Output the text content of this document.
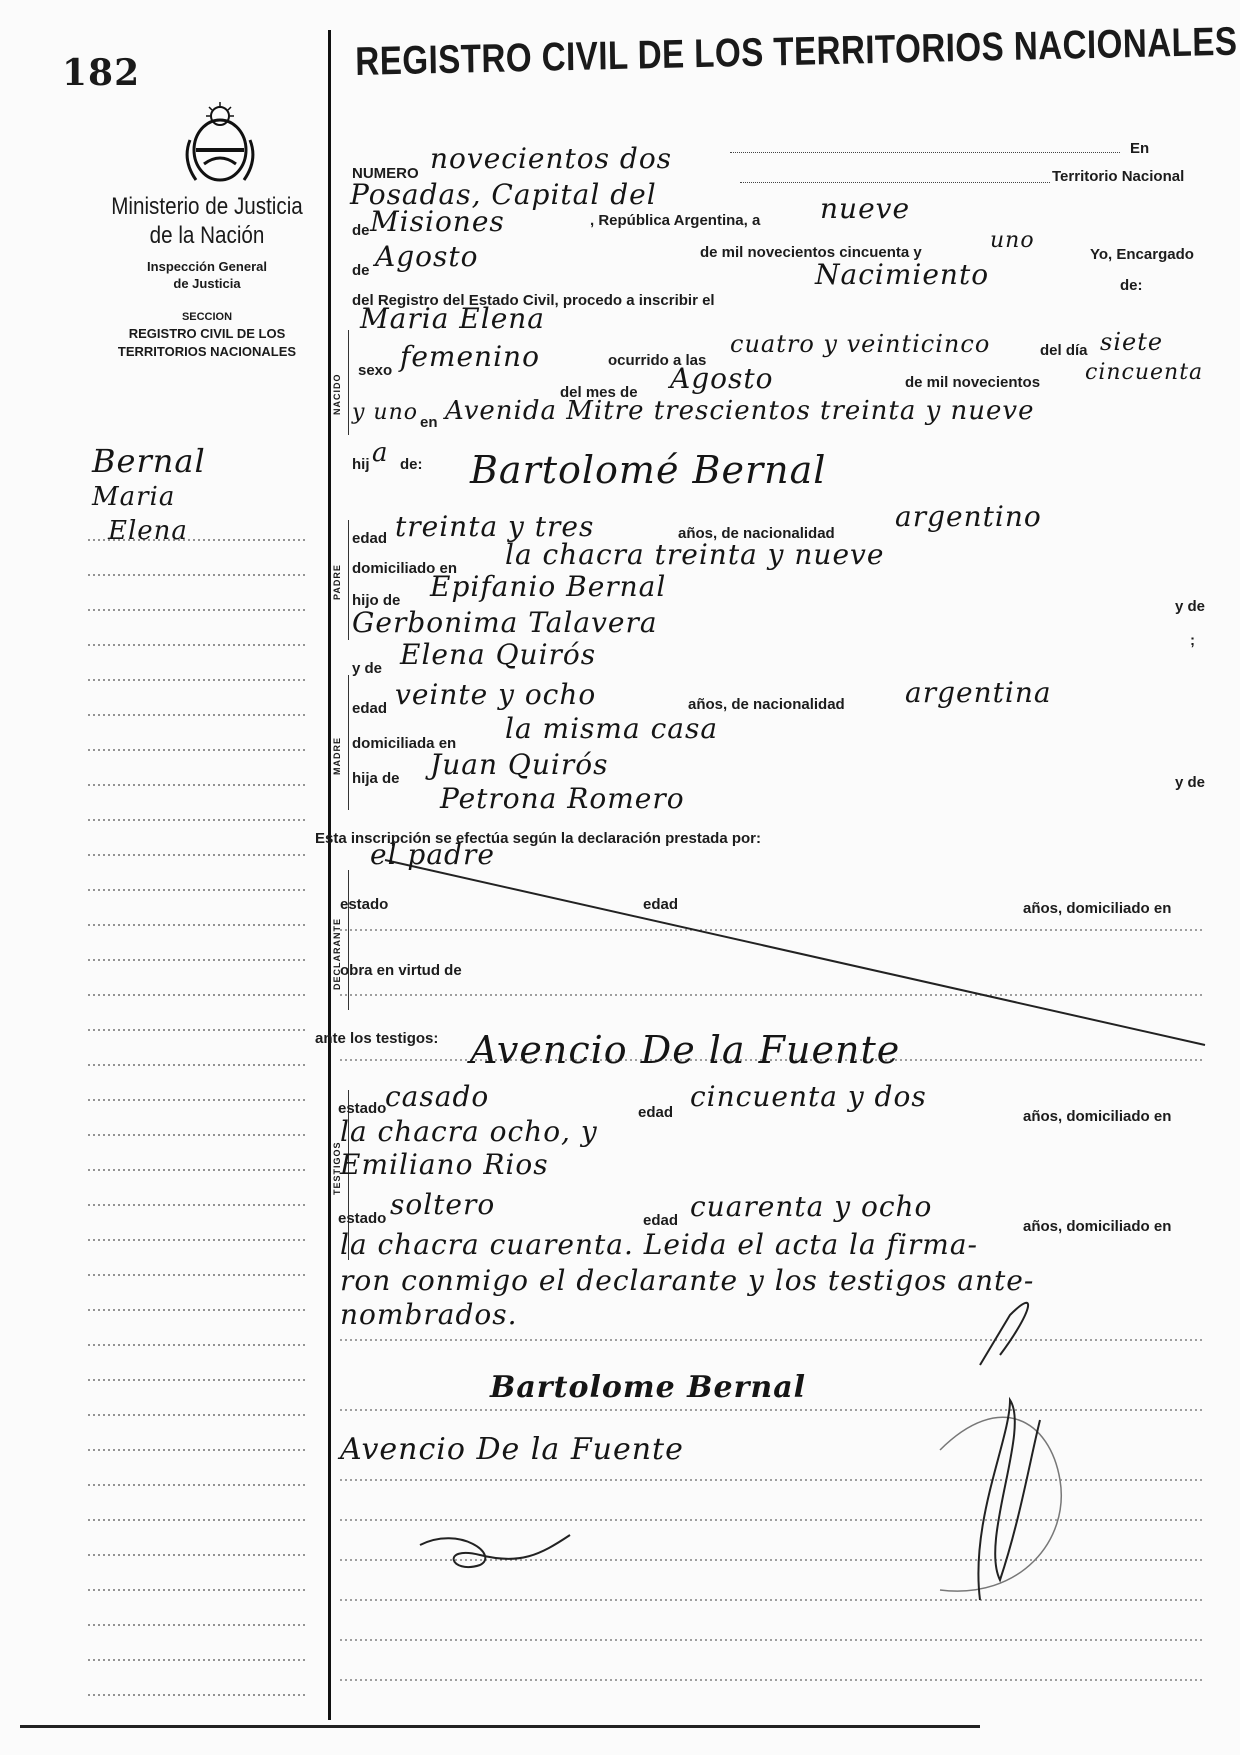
182
Ministerio de Justicia
de la Nación
Inspección General
de Justicia
SECCION
REGISTRO CIVIL DE LOS
TERRITORIOS NACIONALES
Bernal
Maria
Elena
REGISTRO CIVIL DE LOS TERRITORIOS NACIONALES
NACIDO
PADRE
MADRE
DECLARANTE
TESTIGOS
NUMERO novecientos dos	En
Posadas, Capital del
Territorio Nacional
de Misiones	, República Argentina, a nueve
de Agosto	de mil novecientos cincuenta y	uno
Yo, Encargado
del Registro del Estado Civil, procedo a inscribir el
Nacimiento	de:
Maria Elena
sexo femenino	ocurrido a las
cuatro y veinticinco	del día siete
del mes de Agosto	de mil novecientos cincuenta
y uno en Avenida Mitre trescientos treinta y nueve
hij a de: Bartolomé Bernal
edad treinta y tres	años, de nacionalidad
argentino
domiciliado en la chacra treinta y nueve
hijo de Epifanio Bernal
y de
Gerbonima Talavera
;
y de Elena Quirós
edad veinte y ocho	años, de nacionalidad argentina
domiciliada en la misma casa
hija de Juan Quirós
y de
Petrona Romero
Esta inscripción se efectúa según la declaración prestada por:
el padre
estado	edad	años, domiciliado en
obra en virtud de
ante los testigos: Avencio De la Fuente
estado
casado	edad cincuenta y dos
años, domiciliado en
la chacra ocho, y
Emiliano Rios
estado soltero	edad cuarenta y ocho
años, domiciliado en
la chacra cuarenta. Leida el acta la firma-
ron conmigo el declarante y los testigos ante-
nombrados.
Bartolome Bernal
Avencio De la Fuente
